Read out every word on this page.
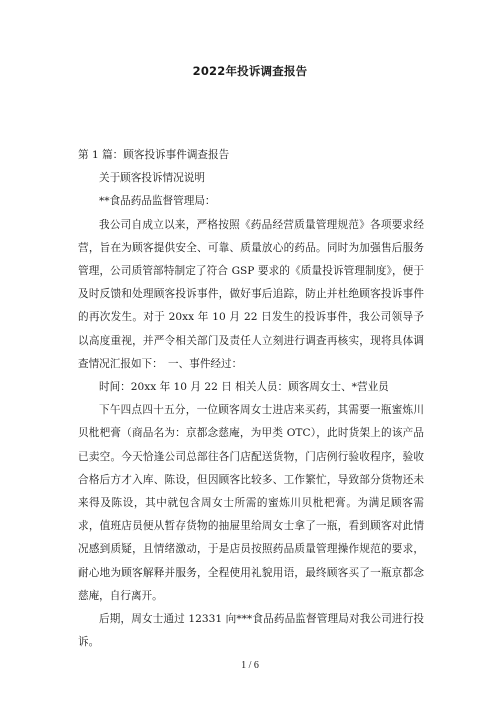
2022年投诉调查报告

第 1 篇：顾客投诉事件调查报告

关于顾客投诉情况说明

**食品药品监督管理局：

我公司自成立以来，严格按照《药品经营质量管理规范》各项要求经营，旨在为顾客提供安全、可靠、质量放心的药品。同时为加强售后服务管理，公司质管部特制定了符合 GSP 要求的《质量投诉管理制度》，便于及时反馈和处理顾客投诉事件，做好事后追踪，防止并杜绝顾客投诉事件的再次发生。对于 20xx 年 10 月 22 日发生的投诉事件，我公司领导予以高度重视，并严令相关部门及责任人立刻进行调查再核实，现将具体调查情况汇报如下：　一、事件经过：

时间：20xx 年 10 月 22 日 相关人员：顾客周女士、*营业员

下午四点四十五分，一位顾客周女士进店来买药，其需要一瓶蜜炼川贝枇杷膏（商品名为：京都念慈庵，为甲类 OTC），此时货架上的该产品已卖空。今天恰逢公司总部往各门店配送货物，门店例行验收程序，验收合格后方才入库、陈设，但因顾客比较多、工作繁忙，导致部分货物还未来得及陈设，其中就包含周女士所需的蜜炼川贝枇杷膏。为满足顾客需求，值班店员便从暂存货物的抽屉里给周女士拿了一瓶，看到顾客对此情况感到质疑，且情绪激动，于是店员按照药品质量管理操作规范的要求，耐心地为顾客解释并服务，全程使用礼貌用语，最终顾客买了一瓶京都念慈庵，自行离开。

后期，周女士通过 12331 向***食品药品监督管理局对我公司进行投诉。

1 / 6
